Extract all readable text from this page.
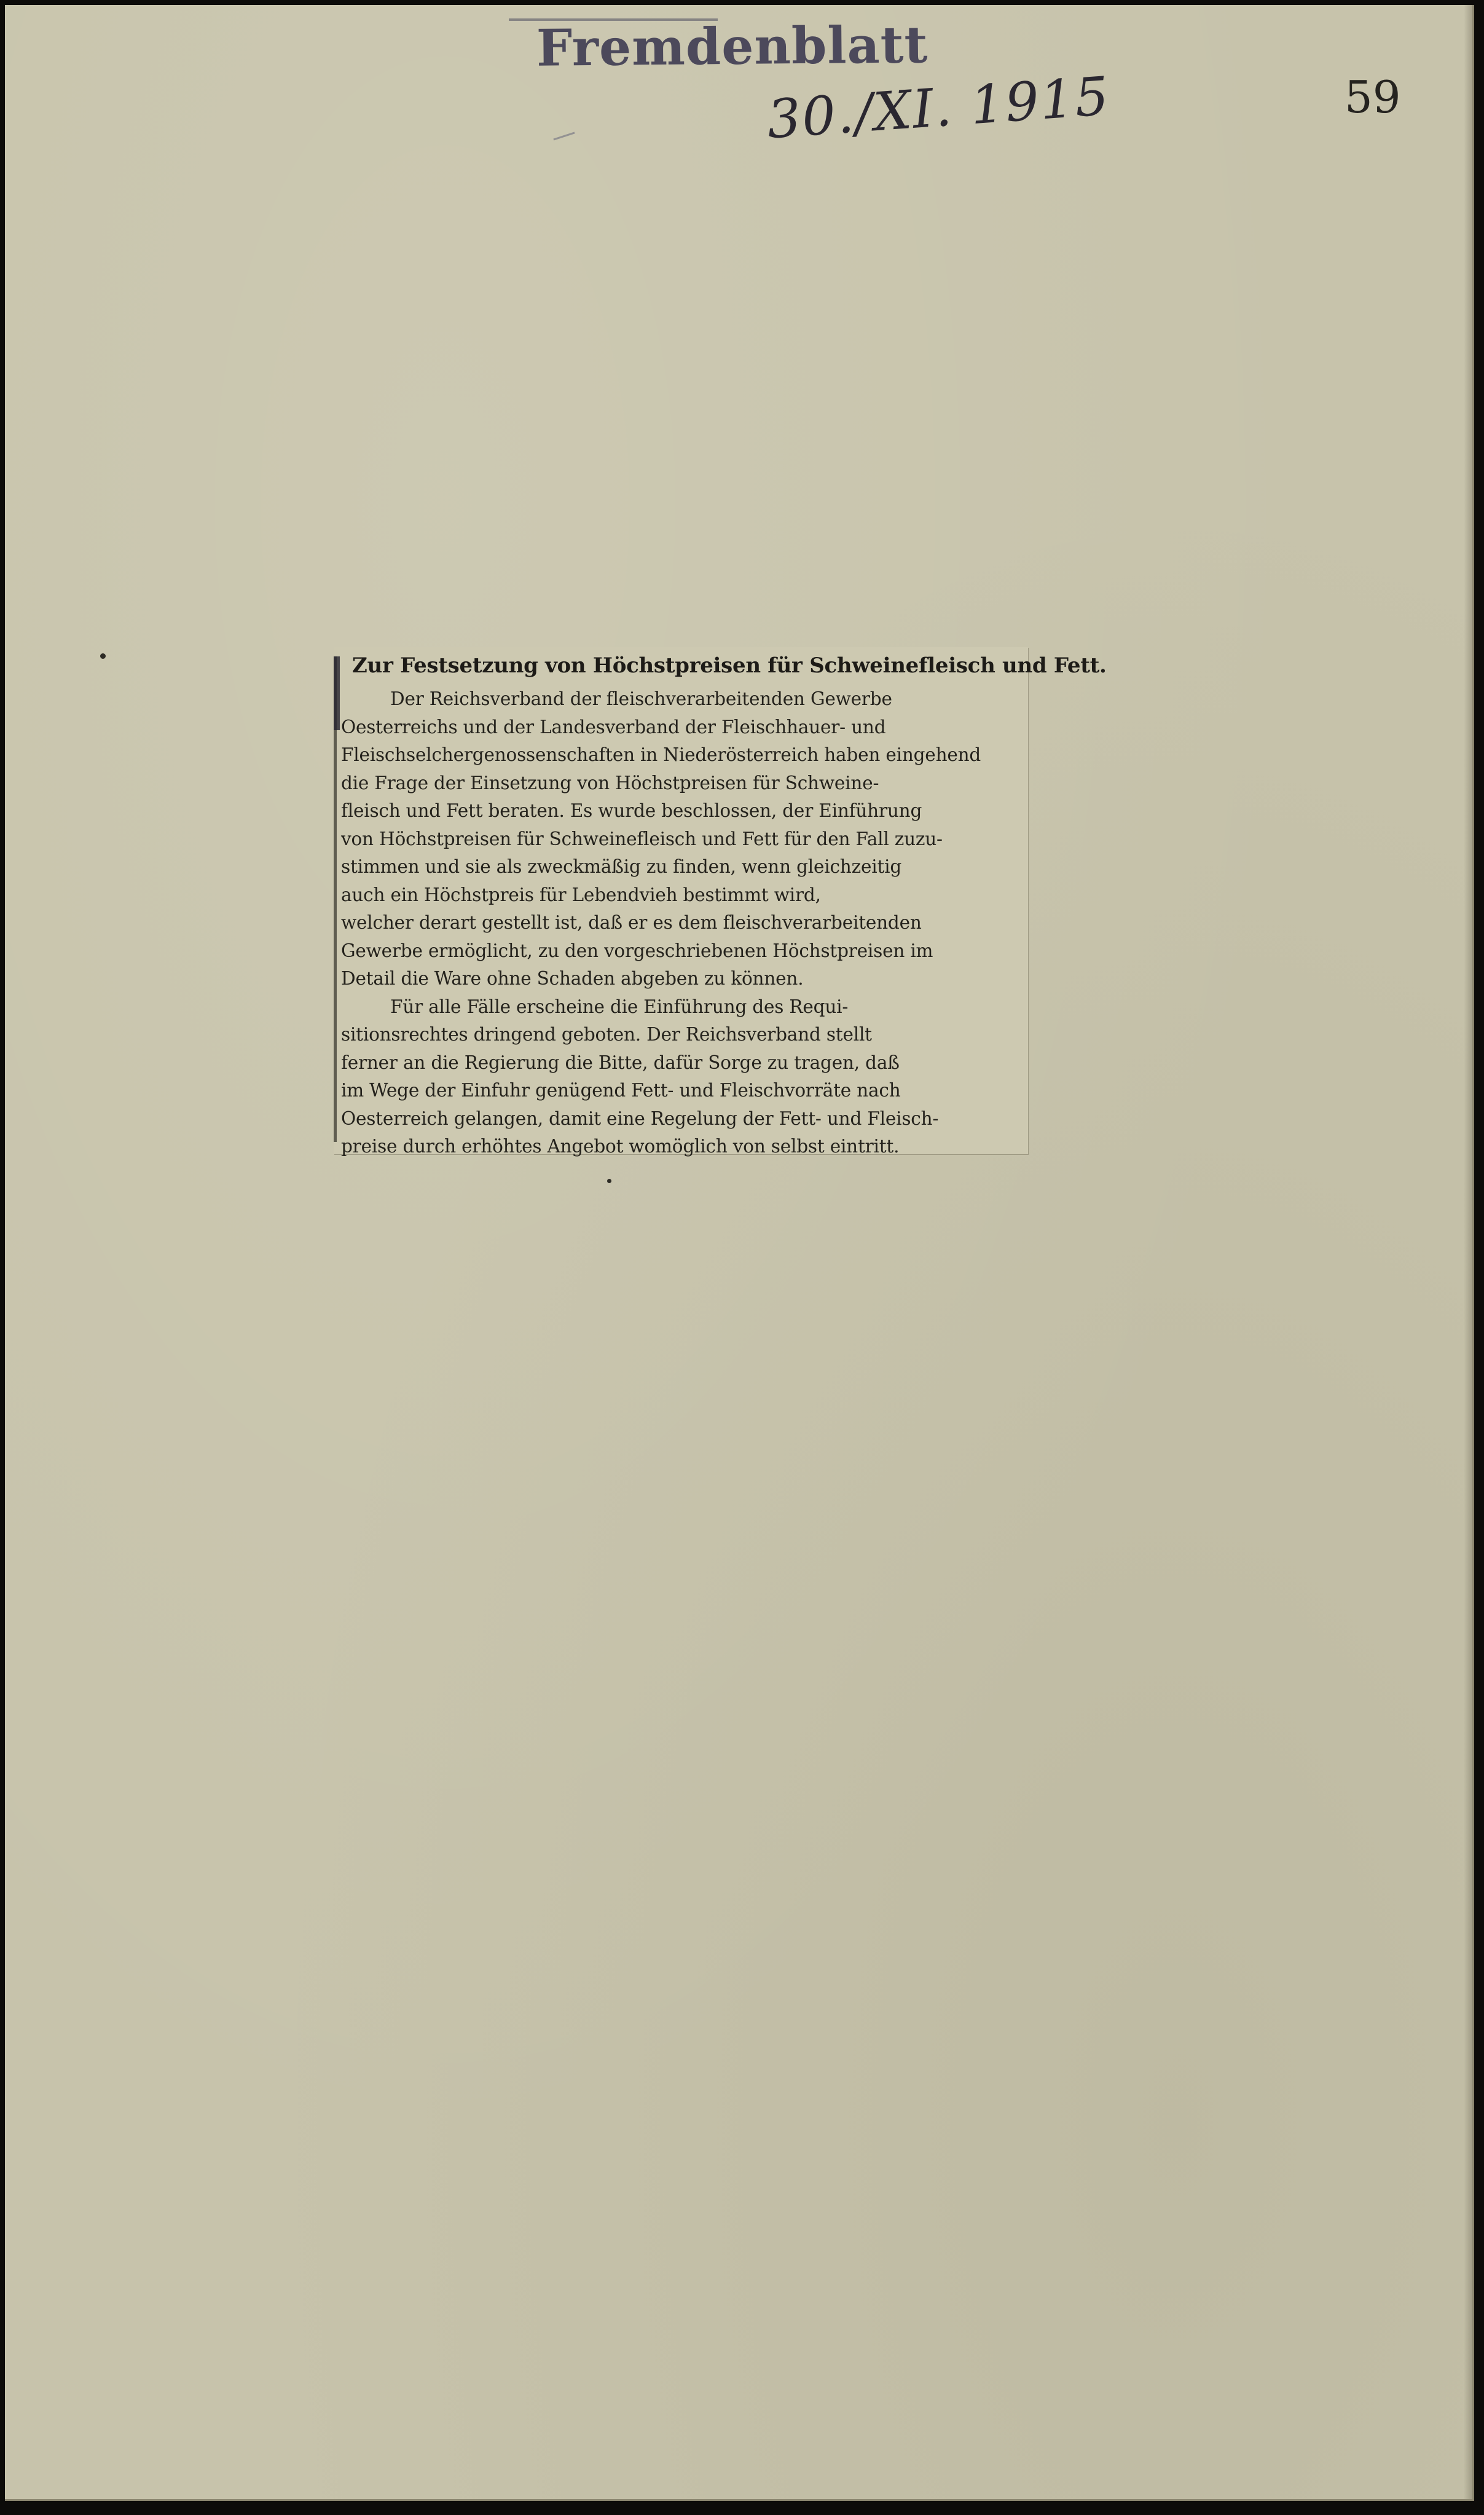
Fremdenblatt
30./XI. 1915	59
Zur Festsetzung von Höchstpreisen für Schweinefleisch und Fett.
Der Reichsverband der fleischverarbeitenden Gewerbe
Oesterreichs und der Landesverband der Fleischhauer- und
Fleischselchergenossenschaften in Niederösterreich haben eingehend
die Frage der Einsetzung von Höchstpreisen für Schweine-
fleisch und Fett beraten. Es wurde beschlossen, der Einführung
von Höchstpreisen für Schweinefleisch und Fett für den Fall zuzu-
stimmen und sie als zweckmäßig zu finden, wenn gleichzeitig
auch ein Höchstpreis für Lebendvieh bestimmt wird,
welcher derart gestellt ist, daß er es dem fleischverarbeitenden
Gewerbe ermöglicht, zu den vorgeschriebenen Höchstpreisen im
Detail die Ware ohne Schaden abgeben zu können.
Für alle Fälle erscheine die Einführung des Requi-
sitionsrechtes dringend geboten. Der Reichsverband stellt
ferner an die Regierung die Bitte, dafür Sorge zu tragen, daß
im Wege der Einfuhr genügend Fett- und Fleischvorräte nach
Oesterreich gelangen, damit eine Regelung der Fett- und Fleisch-
preise durch erhöhtes Angebot womöglich von selbst eintritt.
